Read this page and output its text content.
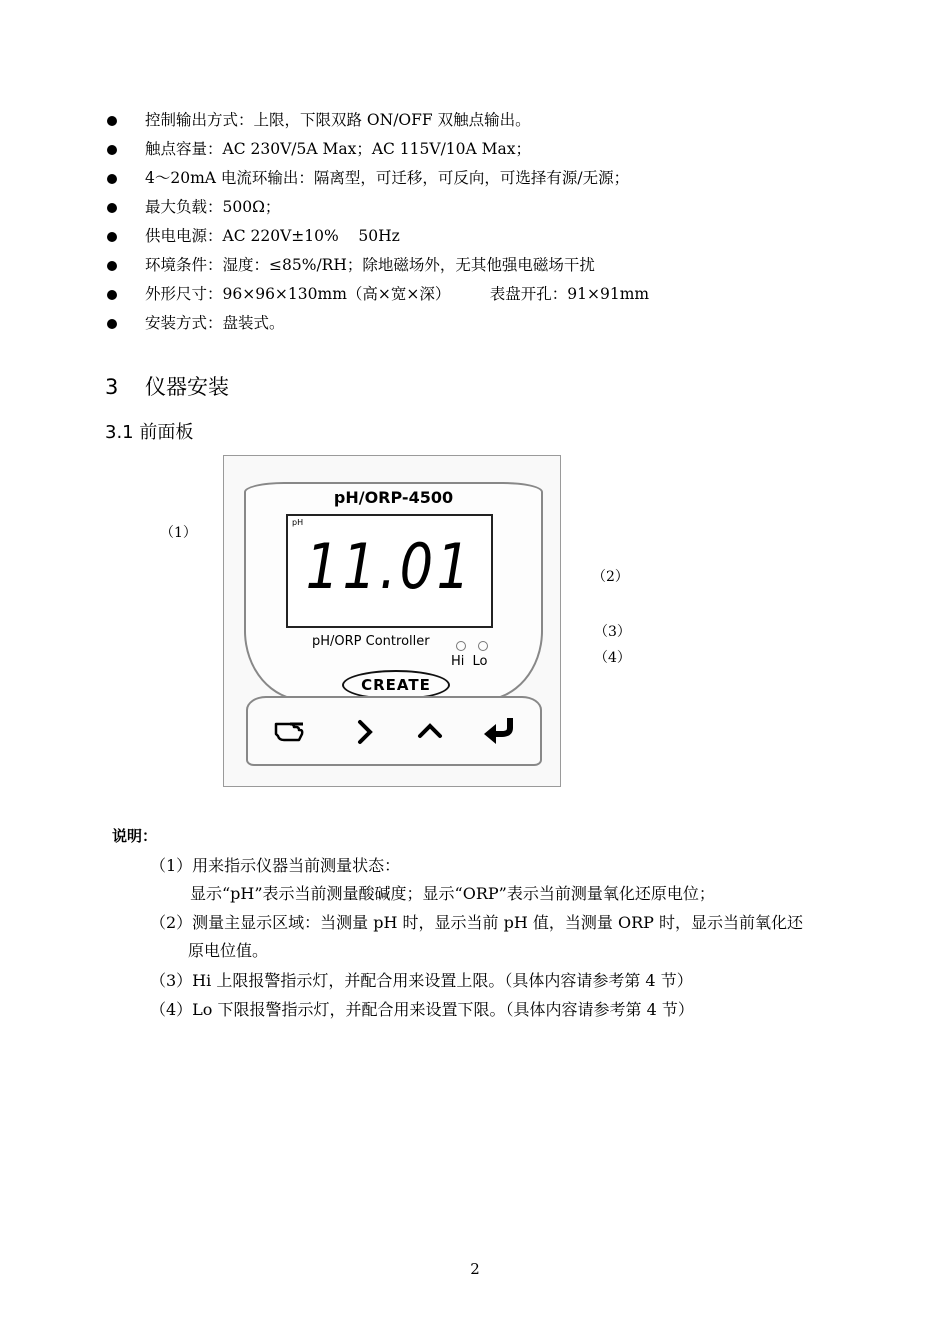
控制输出方式：上限，下限双路 ON/OFF 双触点输出。
触点容量：AC 230V/5A Max；AC 115V/10A Max；
4～20mA 电流环输出：隔离型，可迁移，可反向，可选择有源/无源；
最大负载：500Ω；
供电电源：AC 220V±10%    50Hz
环境条件：湿度：≤85%/RH；除地磁场外，无其他强电磁场干扰
外形尺寸：96×96×130mm（高×宽×深）        表盘开孔：91×91mm
安装方式：盘装式。
3 仪器安装
3.1 前面板
（1）
（2）
（3）
（4）
pH/ORP-4500
pH
11.01
pH/ORP Controller
Hi Lo
CREATE
说明：
（1）用来指示仪器当前测量状态：
显示“pH”表示当前测量酸碱度；显示“ORP”表示当前测量氧化还原电位；
（2）测量主显示区域：当测量 pH 时，显示当前 pH 值，当测量 ORP 时，显示当前氧化还
原电位值。
（3）Hi 上限报警指示灯，并配合用来设置上限。（具体内容请参考第 4 节）
（4）Lo 下限报警指示灯，并配合用来设置下限。（具体内容请参考第 4 节）
2
